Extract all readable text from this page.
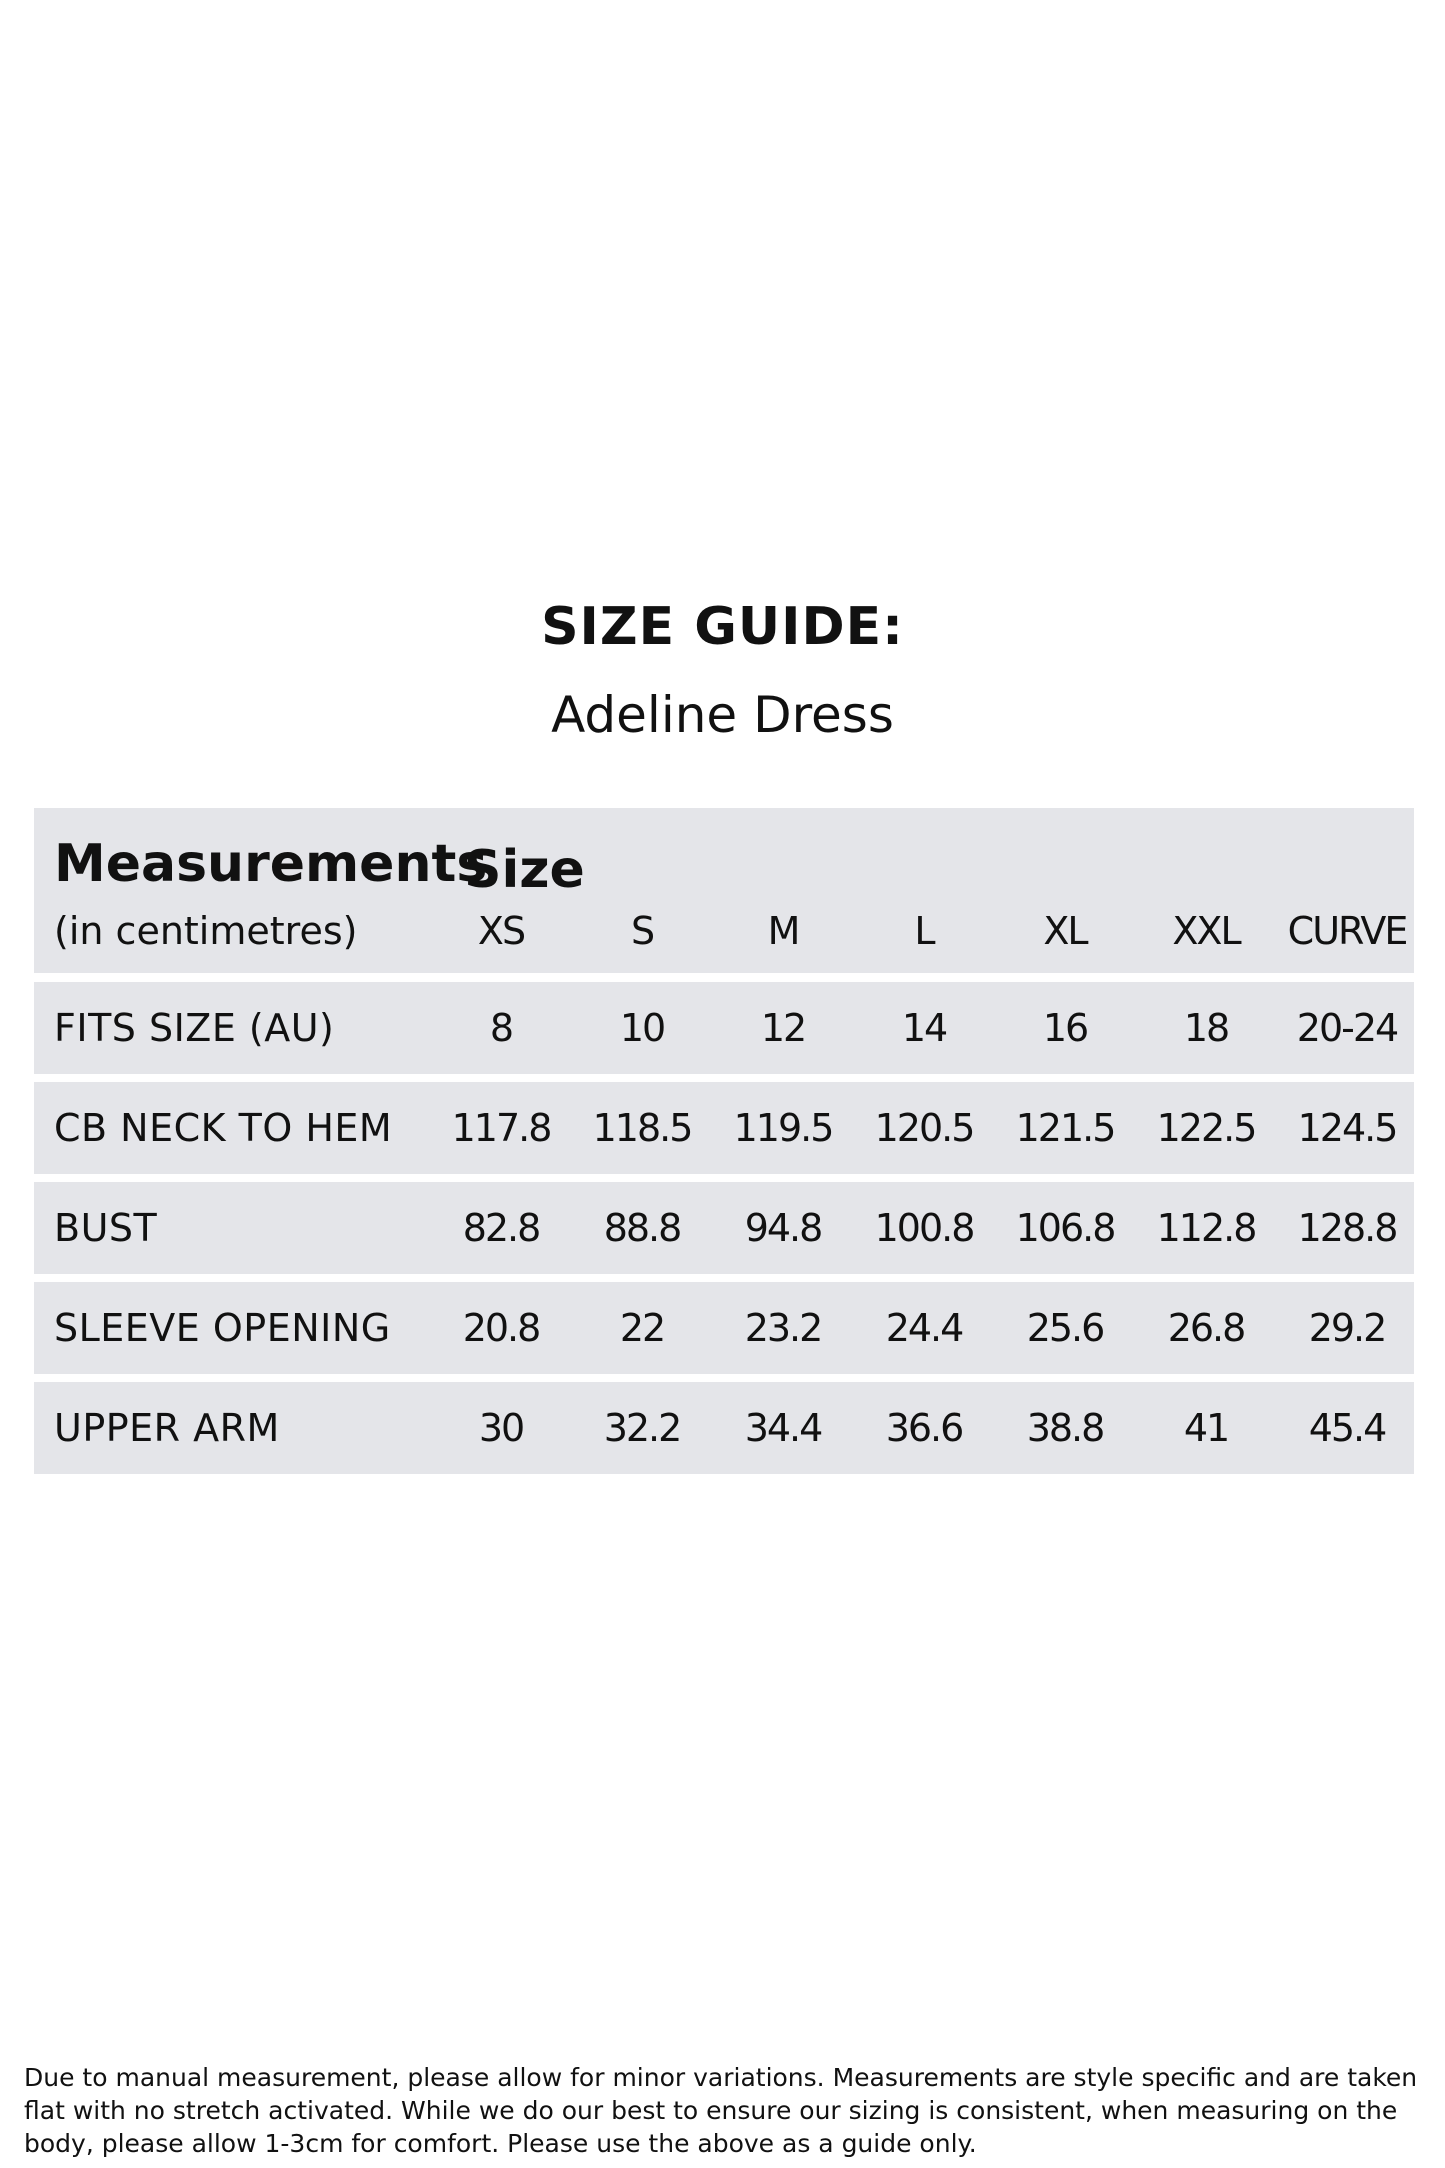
SIZE GUIDE:
Adeline Dress
Measurements
Size
(in centimetres)	XS	S	M	L	XL	XXL	CURVE
FITS SIZE (AU)	8	10	12	14	16	18	20-24
CB NECK TO HEM	117.8	118.5	119.5	120.5	121.5	122.5	124.5
BUST	82.8	88.8	94.8	100.8	106.8	112.8	128.8
SLEEVE OPENING	20.8	22	23.2	24.4	25.6	26.8	29.2
UPPER ARM	30	32.2	34.4	36.6	38.8	41	45.4
Due to manual measurement, please allow for minor variations. Measurements are style specific and are taken flat with no stretch activated. While we do our best to ensure our sizing is consistent, when measuring on the body, please allow 1-3cm for comfort. Please use the above as a guide only.
